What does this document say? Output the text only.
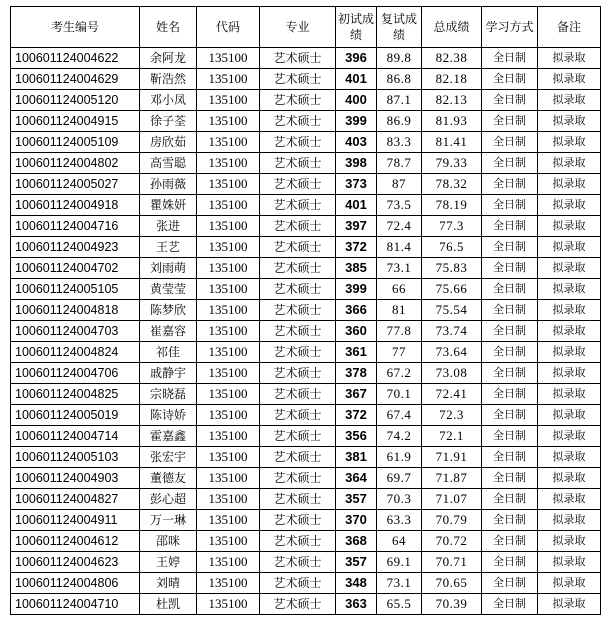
考生编号	姓名	代码	专业	初试成绩	复试成绩	总成绩	学习方式	备注
100601124004622	余阿龙	135100	艺术硕士	396	89.8	82.38	全日制	拟录取
100601124004629	靳浩然	135100	艺术硕士	401	86.8	82.18	全日制	拟录取
100601124005120	邓小凤	135100	艺术硕士	400	87.1	82.13	全日制	拟录取
100601124004915	徐子荃	135100	艺术硕士	399	86.9	81.93	全日制	拟录取
100601124005109	房欣茹	135100	艺术硕士	403	83.3	81.41	全日制	拟录取
100601124004802	高雪聪	135100	艺术硕士	398	78.7	79.33	全日制	拟录取
100601124005027	孙雨薇	135100	艺术硕士	373	87	78.32	全日制	拟录取
100601124004918	瞿姝妍	135100	艺术硕士	401	73.5	78.19	全日制	拟录取
100601124004716	张进	135100	艺术硕士	397	72.4	77.3	全日制	拟录取
100601124004923	王艺	135100	艺术硕士	372	81.4	76.5	全日制	拟录取
100601124004702	刘雨萌	135100	艺术硕士	385	73.1	75.83	全日制	拟录取
100601124005105	黄莹莹	135100	艺术硕士	399	66	75.66	全日制	拟录取
100601124004818	陈梦欣	135100	艺术硕士	366	81	75.54	全日制	拟录取
100601124004703	崔嘉容	135100	艺术硕士	360	77.8	73.74	全日制	拟录取
100601124004824	祁佳	135100	艺术硕士	361	77	73.64	全日制	拟录取
100601124004706	戚静宇	135100	艺术硕士	378	67.2	73.08	全日制	拟录取
100601124004825	宗晓磊	135100	艺术硕士	367	70.1	72.41	全日制	拟录取
100601124005019	陈诗娇	135100	艺术硕士	372	67.4	72.3	全日制	拟录取
100601124004714	霍嘉鑫	135100	艺术硕士	356	74.2	72.1	全日制	拟录取
100601124005103	张宏宇	135100	艺术硕士	381	61.9	71.91	全日制	拟录取
100601124004903	董德友	135100	艺术硕士	364	69.7	71.87	全日制	拟录取
100601124004827	彭心超	135100	艺术硕士	357	70.3	71.07	全日制	拟录取
100601124004911	万一琳	135100	艺术硕士	370	63.3	70.79	全日制	拟录取
100601124004612	邵咪	135100	艺术硕士	368	64	70.72	全日制	拟录取
100601124004623	王婷	135100	艺术硕士	357	69.1	70.71	全日制	拟录取
100601124004806	刘晴	135100	艺术硕士	348	73.1	70.65	全日制	拟录取
100601124004710	杜凯	135100	艺术硕士	363	65.5	70.39	全日制	拟录取
